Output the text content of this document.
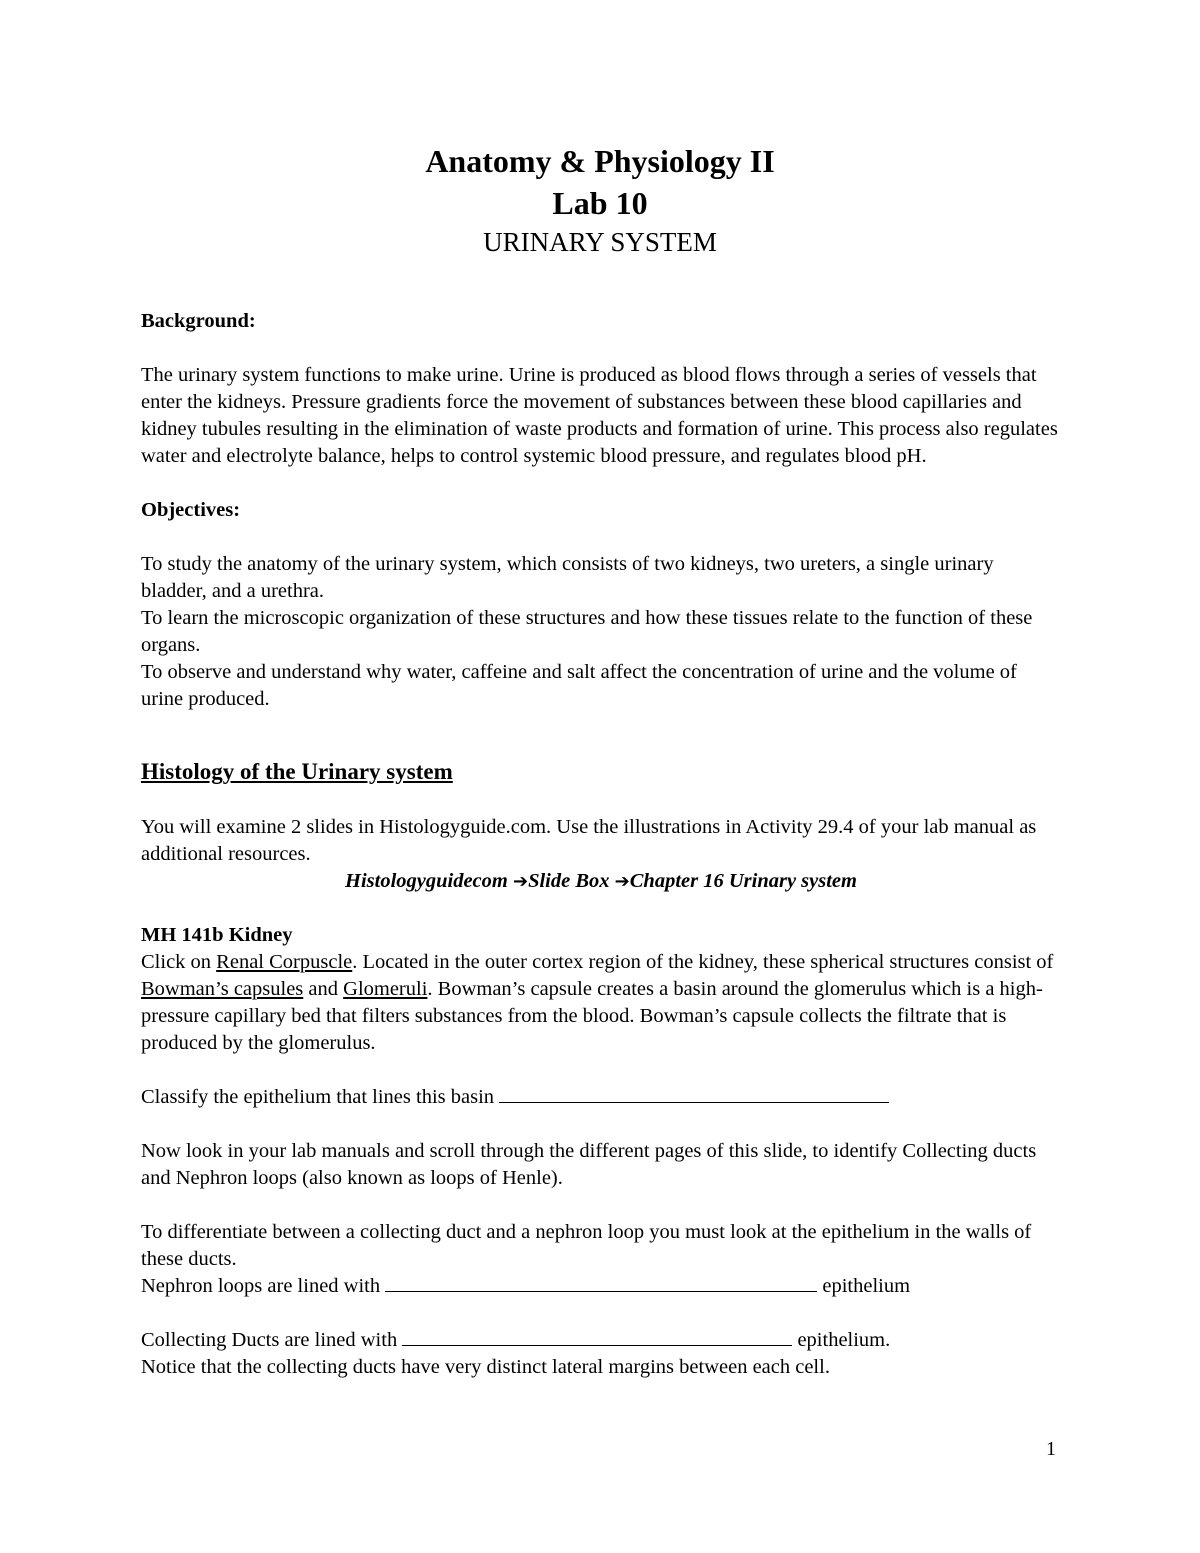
Anatomy & Physiology II

Lab 10

URINARY SYSTEM

Background:

The urinary system functions to make urine. Urine is produced as blood flows through a series of vessels that enter the kidneys. Pressure gradients force the movement of substances between these blood capillaries and kidney tubules resulting in the elimination of waste products and formation of urine. This process also regulates water and electrolyte balance, helps to control systemic blood pressure, and regulates blood pH.

Objectives:

To study the anatomy of the urinary system, which consists of two kidneys, two ureters, a single urinary bladder, and a urethra.

To learn the microscopic organization of these structures and how these tissues relate to the function of these organs.

To observe and understand why water, caffeine and salt affect the concentration of urine and the volume of urine produced.

Histology of the Urinary system

You will examine 2 slides in Histologyguide.com. Use the illustrations in Activity 29.4 of your lab manual as additional resources.

Histologyguidecom ➔Slide Box ➔Chapter 16 Urinary system

MH 141b Kidney

Click on Renal Corpuscle. Located in the outer cortex region of the kidney, these spherical structures consist of Bowman’s capsules and Glomeruli. Bowman’s capsule creates a basin around the glomerulus which is a high-pressure capillary bed that filters substances from the blood. Bowman’s capsule collects the filtrate that is produced by the glomerulus.

Classify the epithelium that lines this basin

Now look in your lab manuals and scroll through the different pages of this slide, to identify Collecting ducts and Nephron loops (also known as loops of Henle).

To differentiate between a collecting duct and a nephron loop you must look at the epithelium in the walls of these ducts.

Nephron loops are lined with	epithelium

Collecting Ducts are lined with	epithelium.

Notice that the collecting ducts have very distinct lateral margins between each cell.

1
